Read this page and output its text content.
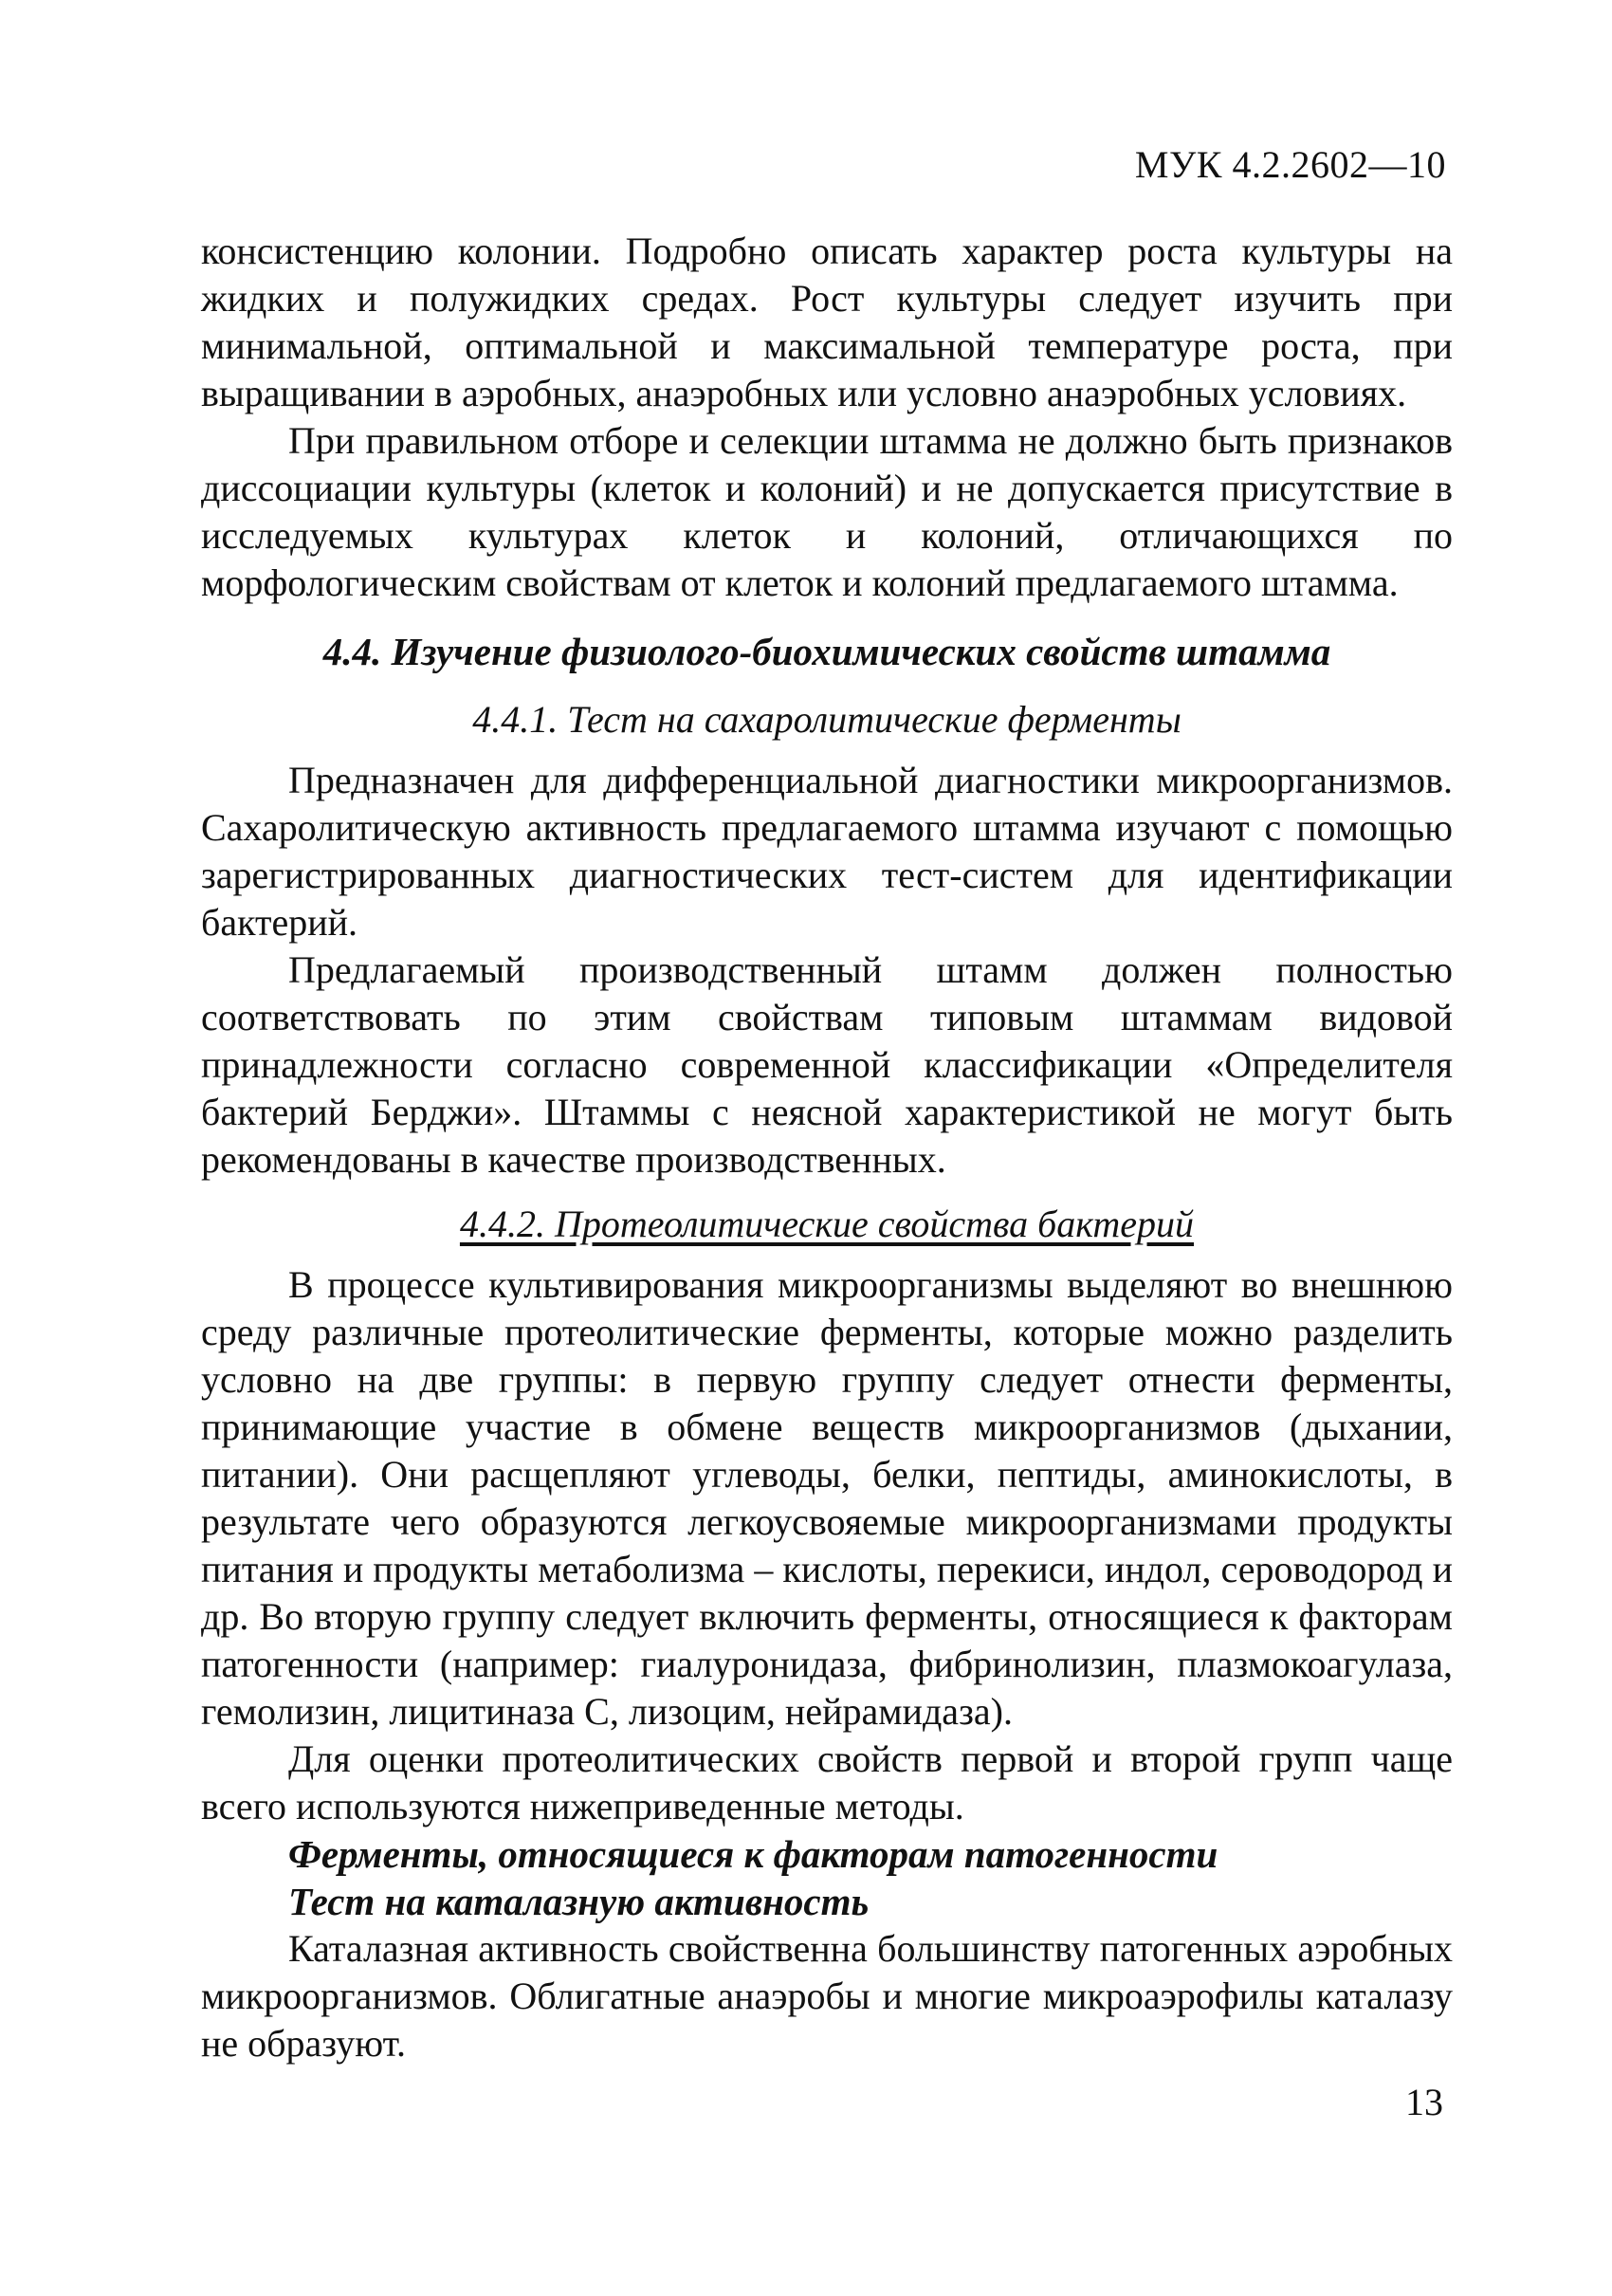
МУК 4.2.2602—10

консистенцию колонии. Подробно описать характер роста культуры на жидких и полужидких средах. Рост культуры следует изучить при минимальной, оптимальной и максимальной температуре роста, при выращивании в аэробных, анаэробных или условно анаэробных условиях.

При правильном отборе и селекции штамма не должно быть признаков диссоциации культуры (клеток и колоний) и не допускается присутствие в исследуемых культурах клеток и колоний, отличающихся по морфологическим свойствам от клеток и колоний предлагаемого штамма.

4.4. Изучение физиолого-биохимических свойств штамма
4.4.1. Тест на сахаролитические ферменты

Предназначен для дифференциальной диагностики микроорганизмов. Сахаролитическую активность предлагаемого штамма изучают с помощью зарегистрированных диагностических тест-систем для идентификации бактерий.

Предлагаемый производственный штамм должен полностью соответствовать по этим свойствам типовым штаммам видовой принадлежности согласно современной классификации «Определителя бактерий Берджи». Штаммы с неясной характеристикой не могут быть рекомендованы в качестве производственных.

4.4.2. Протеолитические свойства бактерий

В процессе культивирования микроорганизмы выделяют во внешнюю среду различные протеолитические ферменты, которые можно разделить условно на две группы: в первую группу следует отнести ферменты, принимающие участие в обмене веществ микроорганизмов (дыхании, питании). Они расщепляют углеводы, белки, пептиды, аминокислоты, в результате чего образуются легкоусвояемые микроорганизмами продукты питания и продукты метаболизма – кислоты, перекиси, индол, сероводород и др. Во вторую группу следует включить ферменты, относящиеся к факторам патогенности (например: гиалуронидаза, фибринолизин, плазмокоагулаза, гемолизин, лицитиназа С, лизоцим, нейрамидаза).

Для оценки протеолитических свойств первой и второй групп чаще всего используются нижеприведенные методы.

Ферменты, относящиеся к факторам патогенности
Тест на каталазную активность

Каталазная активность свойственна большинству патогенных аэробных микроорганизмов. Облигатные анаэробы и многие микроаэрофилы каталазу не образуют.

13
